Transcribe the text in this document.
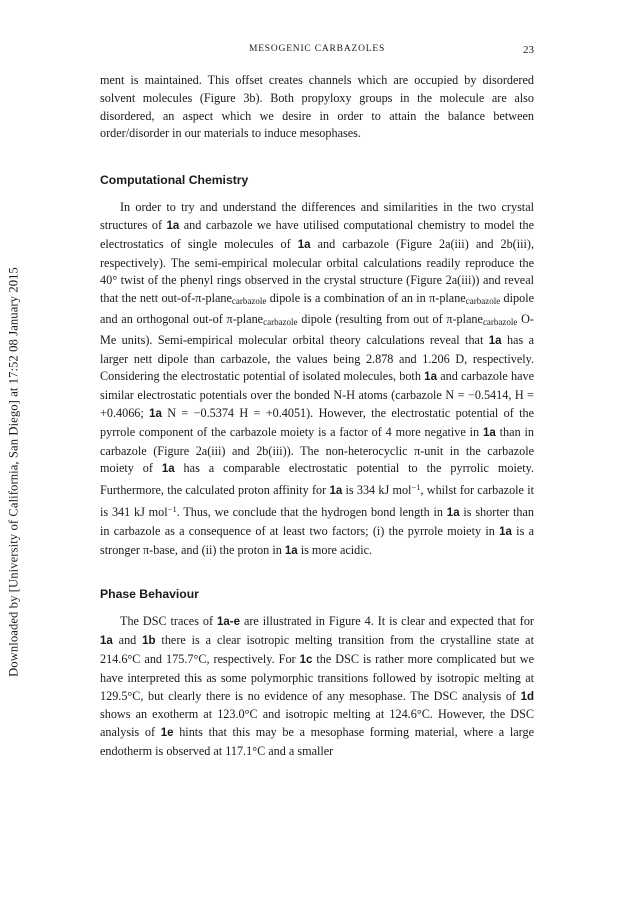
Downloaded by [University of California, San Diego] at 17:52 08 January 2015
MESOGENIC CARBAZOLES	23

ment is maintained. This offset creates channels which are occupied by disordered solvent molecules (Figure 3b). Both propyloxy groups in the molecule are also disordered, an aspect which we desire in order to attain the balance between order/disorder in our materials to induce mesophases.

Computational Chemistry

In order to try and understand the differences and similarities in the two crystal structures of 1a and carbazole we have utilised computational chemistry to model the electrostatics of single molecules of 1a and carbazole (Figure 2a(iii) and 2b(iii), respectively). The semi-empirical molecular orbital calculations readily reproduce the 40° twist of the phenyl rings observed in the crystal structure (Figure 2a(iii)) and reveal that the nett out-of-π-plane$_{carbazole}$ dipole is a combination of an in π-plane$_{carbazole}$ dipole and an orthogonal out-of π-plane$_{carbazole}$ dipole (resulting from out of π-plane$_{carbazole}$ O-Me units). Semi-empirical molecular orbital theory calculations reveal that 1a has a larger nett dipole than carbazole, the values being 2.878 and 1.206 D, respectively. Considering the electrostatic potential of isolated molecules, both 1a and carbazole have similar electrostatic potentials over the bonded N-H atoms (carbazole N = −0.5414, H = +0.4066; 1a N = −0.5374 H = +0.4051). However, the electrostatic potential of the pyrrole component of the carbazole moiety is a factor of 4 more negative in 1a than in carbazole (Figure 2a(iii) and 2b(iii)). The non-heterocyclic π-unit in the carbazole moiety of 1a has a comparable electrostatic potential to the pyrrolic moiety. Furthermore, the calculated proton affinity for 1a is 334 kJ mol$^{-1}$, whilst for carbazole it is 341 kJ mol$^{-1}$. Thus, we conclude that the hydrogen bond length in 1a is shorter than in carbazole as a consequence of at least two factors; (i) the pyrrole moiety in 1a is a stronger π-base, and (ii) the proton in 1a is more acidic.

Phase Behaviour

The DSC traces of 1a-e are illustrated in Figure 4. It is clear and expected that for 1a and 1b there is a clear isotropic melting transition from the crystalline state at 214.6°C and 175.7°C, respectively. For 1c the DSC is rather more complicated but we have interpreted this as some polymorphic transitions followed by isotropic melting at 129.5°C, but clearly there is no evidence of any mesophase. The DSC analysis of 1d shows an exotherm at 123.0°C and isotropic melting at 124.6°C. However, the DSC analysis of 1e hints that this may be a mesophase forming material, where a large endotherm is observed at 117.1°C and a smaller
